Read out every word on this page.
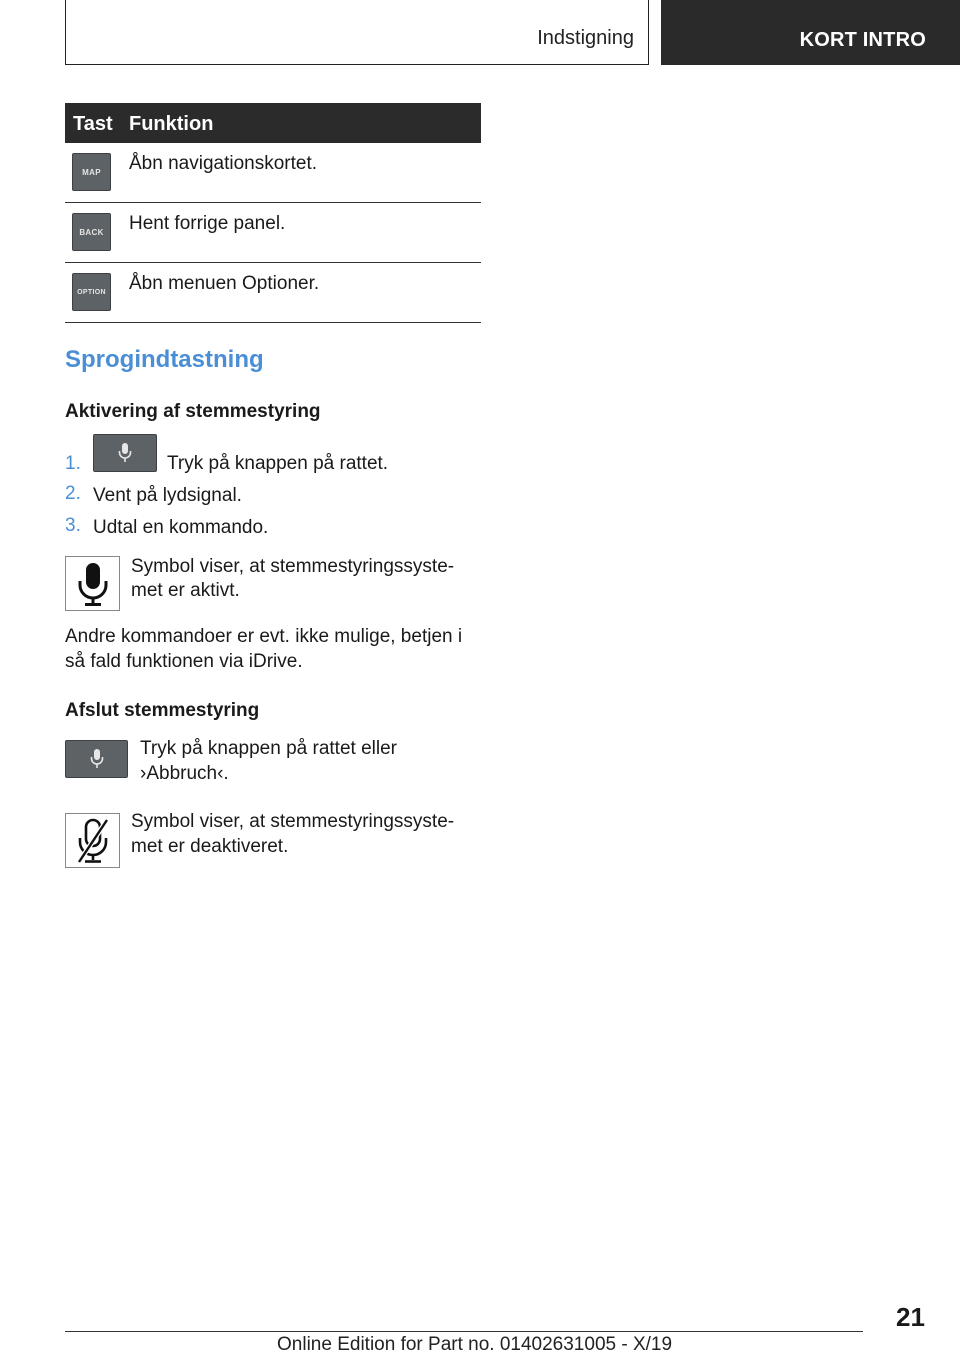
Indstigning	KORT INTRO
Tast Funktion
MAP	Åbn navigationskortet.
BACK	Hent forrige panel.
OPTION Åbn menuen Optioner.
Sprogindtastning
Aktivering af stemmestyring
1.	Tryk på knappen på rattet.
2. Vent på lydsignal.
3. Udtal en kommando.
Symbol viser, at stemmestyringssyste-
met er aktivt.
Andre kommandoer er evt. ikke mulige, betjen i
så fald funktionen via iDrive.
Afslut stemmestyring
Tryk på knappen på rattet eller
›Abbruch‹.
Symbol viser, at stemmestyringssyste-
met er deaktiveret.
21
Online Edition for Part no. 01402631005 - X/19
